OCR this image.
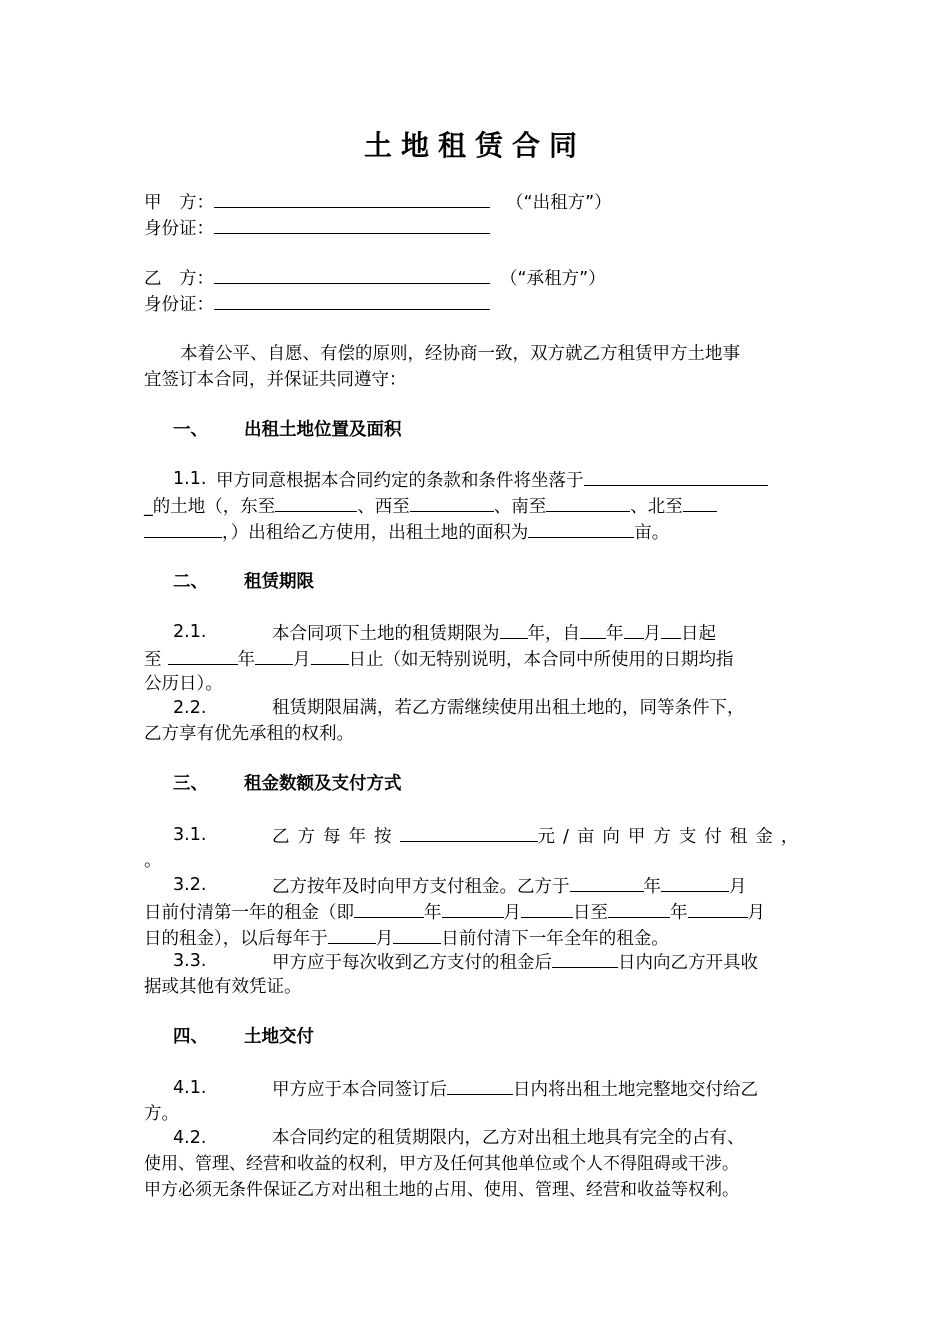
土地租赁合同
甲　方：	（“出租方”）
身份证：
乙　方：	（“承租方”）
身份证：
本着公平、自愿、有偿的原则，经协商一致，双方就乙方租赁甲方土地事
宜签订本合同，并保证共同遵守：
一、 出租土地位置及面积
1.1. 甲方同意根据本合同约定的条款和条件将坐落于
_的土地（，东至	、西至	、南至	、北至
，）出租给乙方使用，出租土地的面积为	亩。
二、 租赁期限
2.1.	本合同项下土地的租赁期限为 年，自 年 月 日起
至	年 月 日止（如无特别说明，本合同中所使用的日期均指
公历日）。
2.2.	租赁期限届满，若乙方需继续使用出租土地的，同等条件下，
乙方享有优先承租的权利。
三、 租金数额及支付方式
3.1.	乙方每年按	元/亩向甲方支付租金，
。
3.2.	乙方按年及时向甲方支付租金。乙方于	年	月
日前付清第一年的租金（即	年	月	日至	年	月
日的租金），以后每年于	月	日前付清下一年全年的租金。
3.3.	甲方应于每次收到乙方支付的租金后	日内向乙方开具收
据或其他有效凭证。
四、 土地交付
4.1.	甲方应于本合同签订后	日内将出租土地完整地交付给乙
方。
4.2.	本合同约定的租赁期限内，乙方对出租土地具有完全的占有、
使用、管理、经营和收益的权利，甲方及任何其他单位或个人不得阻碍或干涉。
甲方必须无条件保证乙方对出租土地的占用、使用、管理、经营和收益等权利。
